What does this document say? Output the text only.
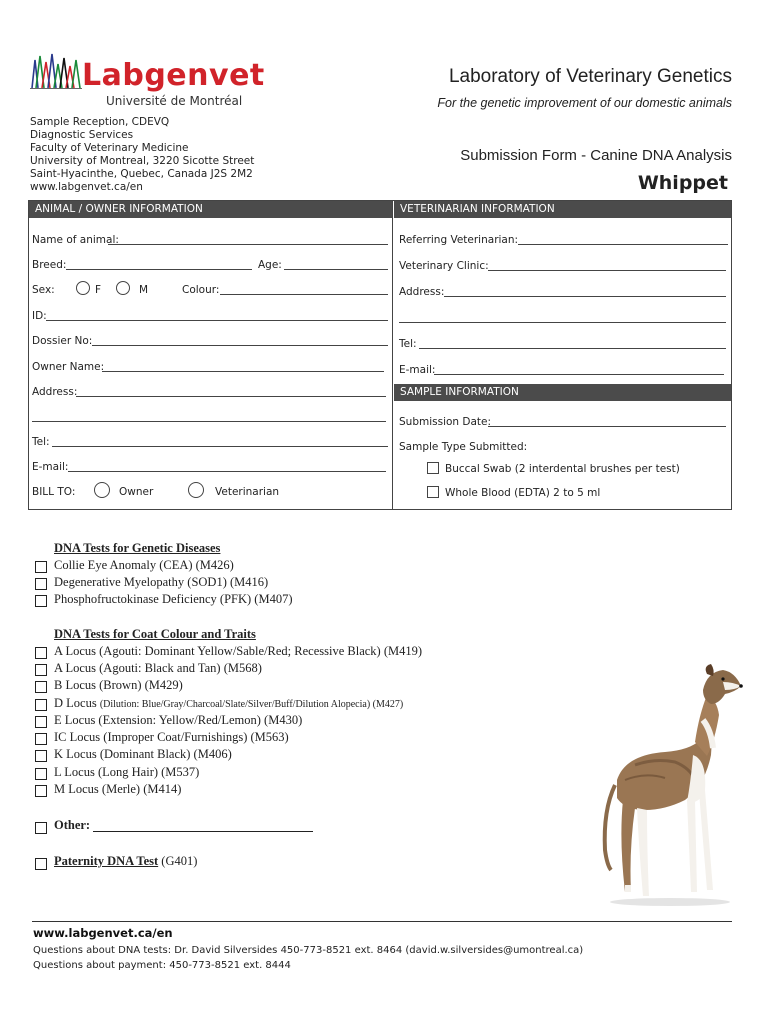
Labgenvet
Université de Montréal
Laboratory of Veterinary Genetics
For the genetic improvement of our domestic animals
Submission Form - Canine DNA Analysis
Whippet
Sample Reception, CDEVQ
Diagnostic Services
Faculty of Veterinary Medicine
University of Montreal, 3220 Sicotte Street
Saint-Hyacinthe, Quebec, Canada J2S 2M2
www.labgenvet.ca/en
ANIMAL / OWNER INFORMATION	VETERINARIAN INFORMATION
Name of animal:
Breed:	Age:
Sex:	F	M	Colour:
ID:
Dossier No:
Owner Name:
Address:
Tel:
E-mail:
BILL TO:	Owner	Veterinarian
Referring Veterinarian:
Veterinary Clinic:
Address:
Tel:
E-mail:
SAMPLE INFORMATION
Submission Date:
Sample Type Submitted:
Buccal Swab (2 interdental brushes per test)
Whole Blood (EDTA) 2 to 5 ml
DNA Tests for Genetic Diseases
Collie Eye Anomaly (CEA) (M426)
Degenerative Myelopathy (SOD1) (M416)
Phosphofructokinase Deficiency (PFK) (M407)
DNA Tests for Coat Colour and Traits
A Locus (Agouti: Dominant Yellow/Sable/Red; Recessive Black) (M419)
A Locus (Agouti: Black and Tan) (M568)
B Locus (Brown) (M429)
D Locus (Dilution: Blue/Gray/Charcoal/Slate/Silver/Buff/Dilution Alopecia) (M427)
E Locus (Extension: Yellow/Red/Lemon) (M430)
IC Locus (Improper Coat/Furnishings) (M563)
K Locus (Dominant Black) (M406)
L Locus (Long Hair) (M537)
M Locus (Merle) (M414)
Other:
Paternity DNA Test (G401)
www.labgenvet.ca/en
Questions about DNA tests: Dr. David Silversides 450-773-8521 ext. 8464 (david.w.silversides@umontreal.ca)
Questions about payment: 450-773-8521 ext. 8444
